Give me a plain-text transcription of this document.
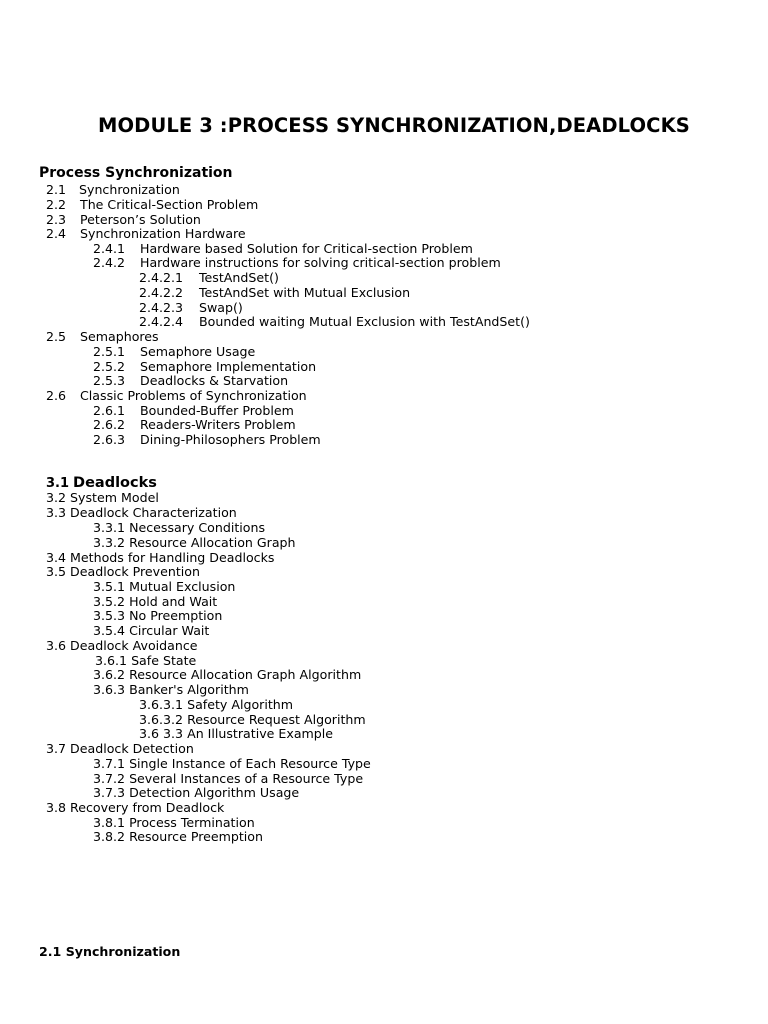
MODULE 3 :PROCESS SYNCHRONIZATION,DEADLOCKS
Process Synchronization
2.1 Synchronization
2.2 The Critical-Section Problem
2.3 Peterson’s Solution
2.4 Synchronization Hardware
2.4.1 Hardware based Solution for Critical-section Problem
2.4.2 Hardware instructions for solving critical-section problem
2.4.2.1 TestAndSet()
2.4.2.2 TestAndSet with Mutual Exclusion
2.4.2.3 Swap()
2.4.2.4 Bounded waiting Mutual Exclusion with TestAndSet()
2.5 Semaphores
2.5.1 Semaphore Usage
2.5.2 Semaphore Implementation
2.5.3 Deadlocks & Starvation
2.6 Classic Problems of Synchronization
2.6.1 Bounded-Buffer Problem
2.6.2 Readers-Writers Problem
2.6.3 Dining-Philosophers Problem
3.1 Deadlocks
3.2 System Model
3.3 Deadlock Characterization
3.3.1 Necessary Conditions
3.3.2 Resource Allocation Graph
3.4 Methods for Handling Deadlocks
3.5 Deadlock Prevention
3.5.1 Mutual Exclusion
3.5.2 Hold and Wait
3.5.3 No Preemption
3.5.4 Circular Wait
3.6 Deadlock Avoidance
3.6.1 Safe State
3.6.2 Resource Allocation Graph Algorithm
3.6.3 Banker's Algorithm
3.6.3.1 Safety Algorithm
3.6.3.2 Resource Request Algorithm
3.6 3.3 An Illustrative Example
3.7 Deadlock Detection
3.7.1 Single Instance of Each Resource Type
3.7.2 Several Instances of a Resource Type
3.7.3 Detection Algorithm Usage
3.8 Recovery from Deadlock
3.8.1 Process Termination
3.8.2 Resource Preemption
2.1 Synchronization
